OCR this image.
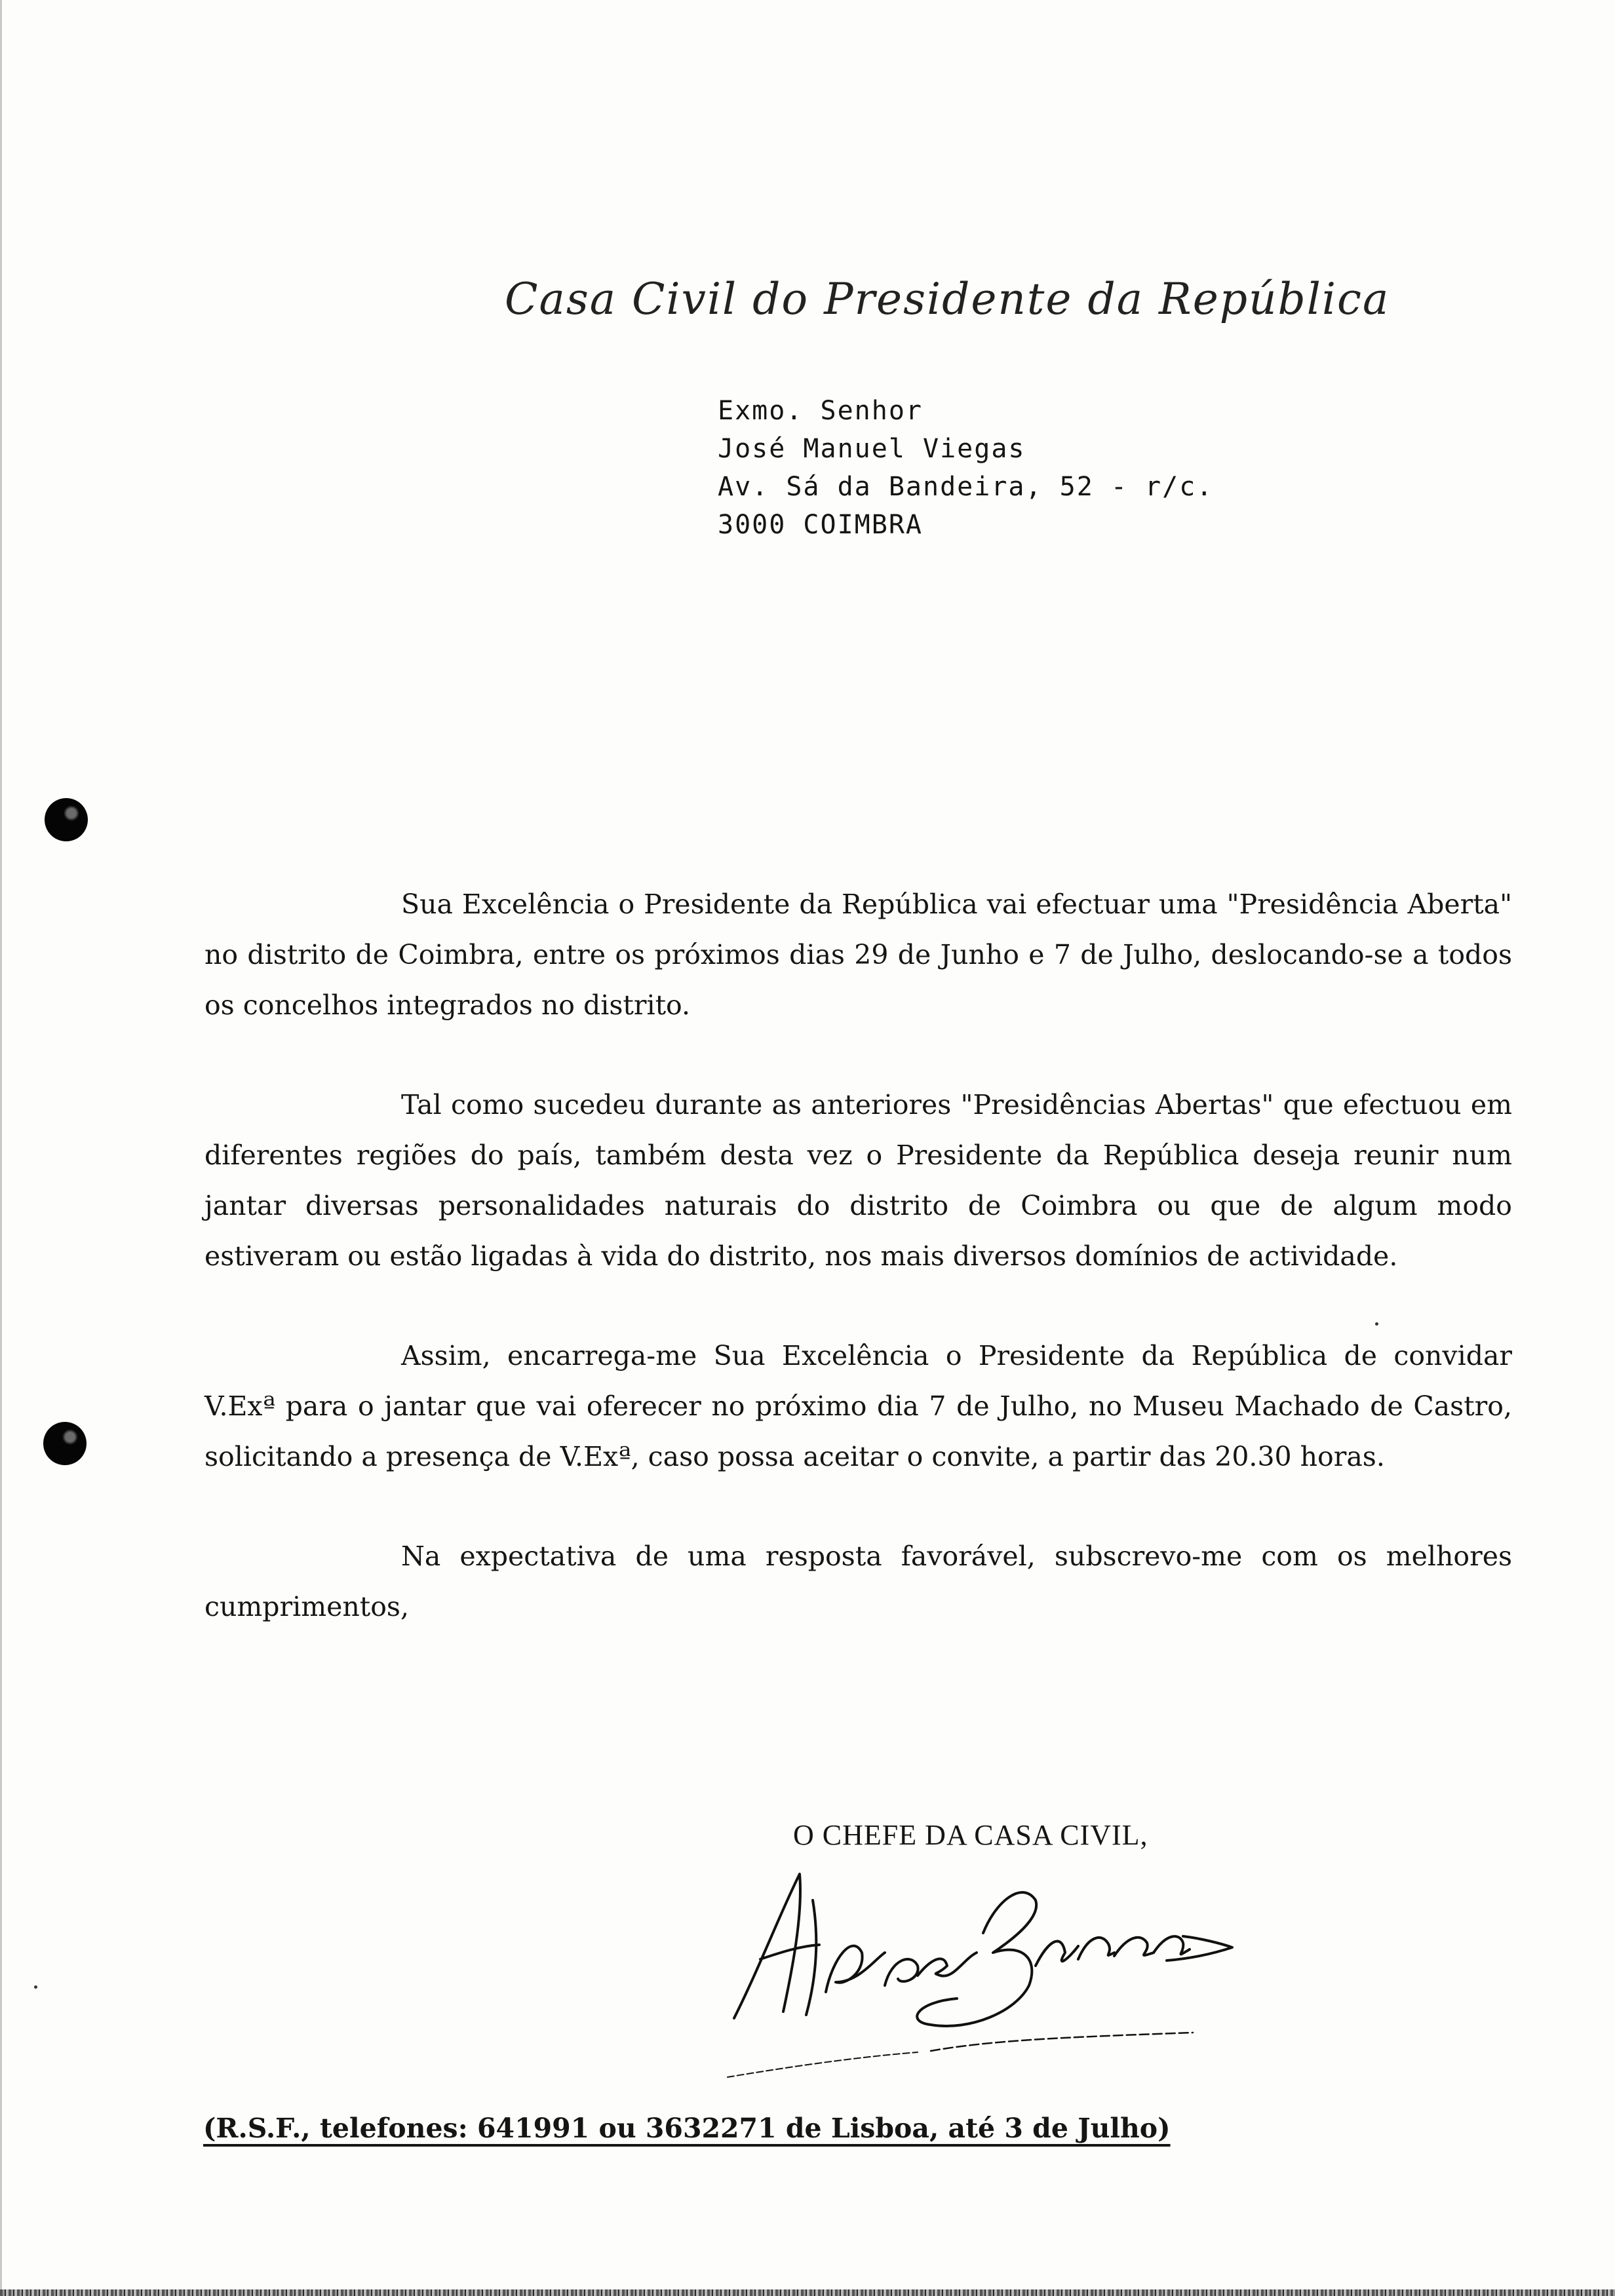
Casa Civil do Presidente da República
Exmo. Senhor
José Manuel Viegas
Av. Sá da Bandeira, 52 - r/c.
3000 COIMBRA

Sua Excelência o Presidente da República vai efectuar uma "Presidência Aberta" no distrito de Coimbra, entre os próximos dias 29 de Junho e 7 de Julho, deslocando-se a todos os concelhos integrados no distrito.

Tal como sucedeu durante as anteriores "Presidências Abertas" que efectuou em diferentes regiões do país, também desta vez o Presidente da República deseja reunir num jantar diversas personalidades naturais do distrito de Coimbra ou que de algum modo estiveram ou estão ligadas à vida do distrito, nos mais diversos domínios de actividade.

Assim, encarrega-me Sua Excelência o Presidente da República de convidar V.Exª para o jantar que vai oferecer no próximo dia 7 de Julho, no Museu Machado de Castro, solicitando a presença de V.Exª, caso possa aceitar o convite, a partir das 20.30 horas.

Na expectativa de uma resposta favorável, subscrevo-me com os melhores cumprimentos,

O CHEFE DA CASA CIVIL,
(R.S.F., telefones: 641991 ou 3632271 de Lisboa, até 3 de Julho)
